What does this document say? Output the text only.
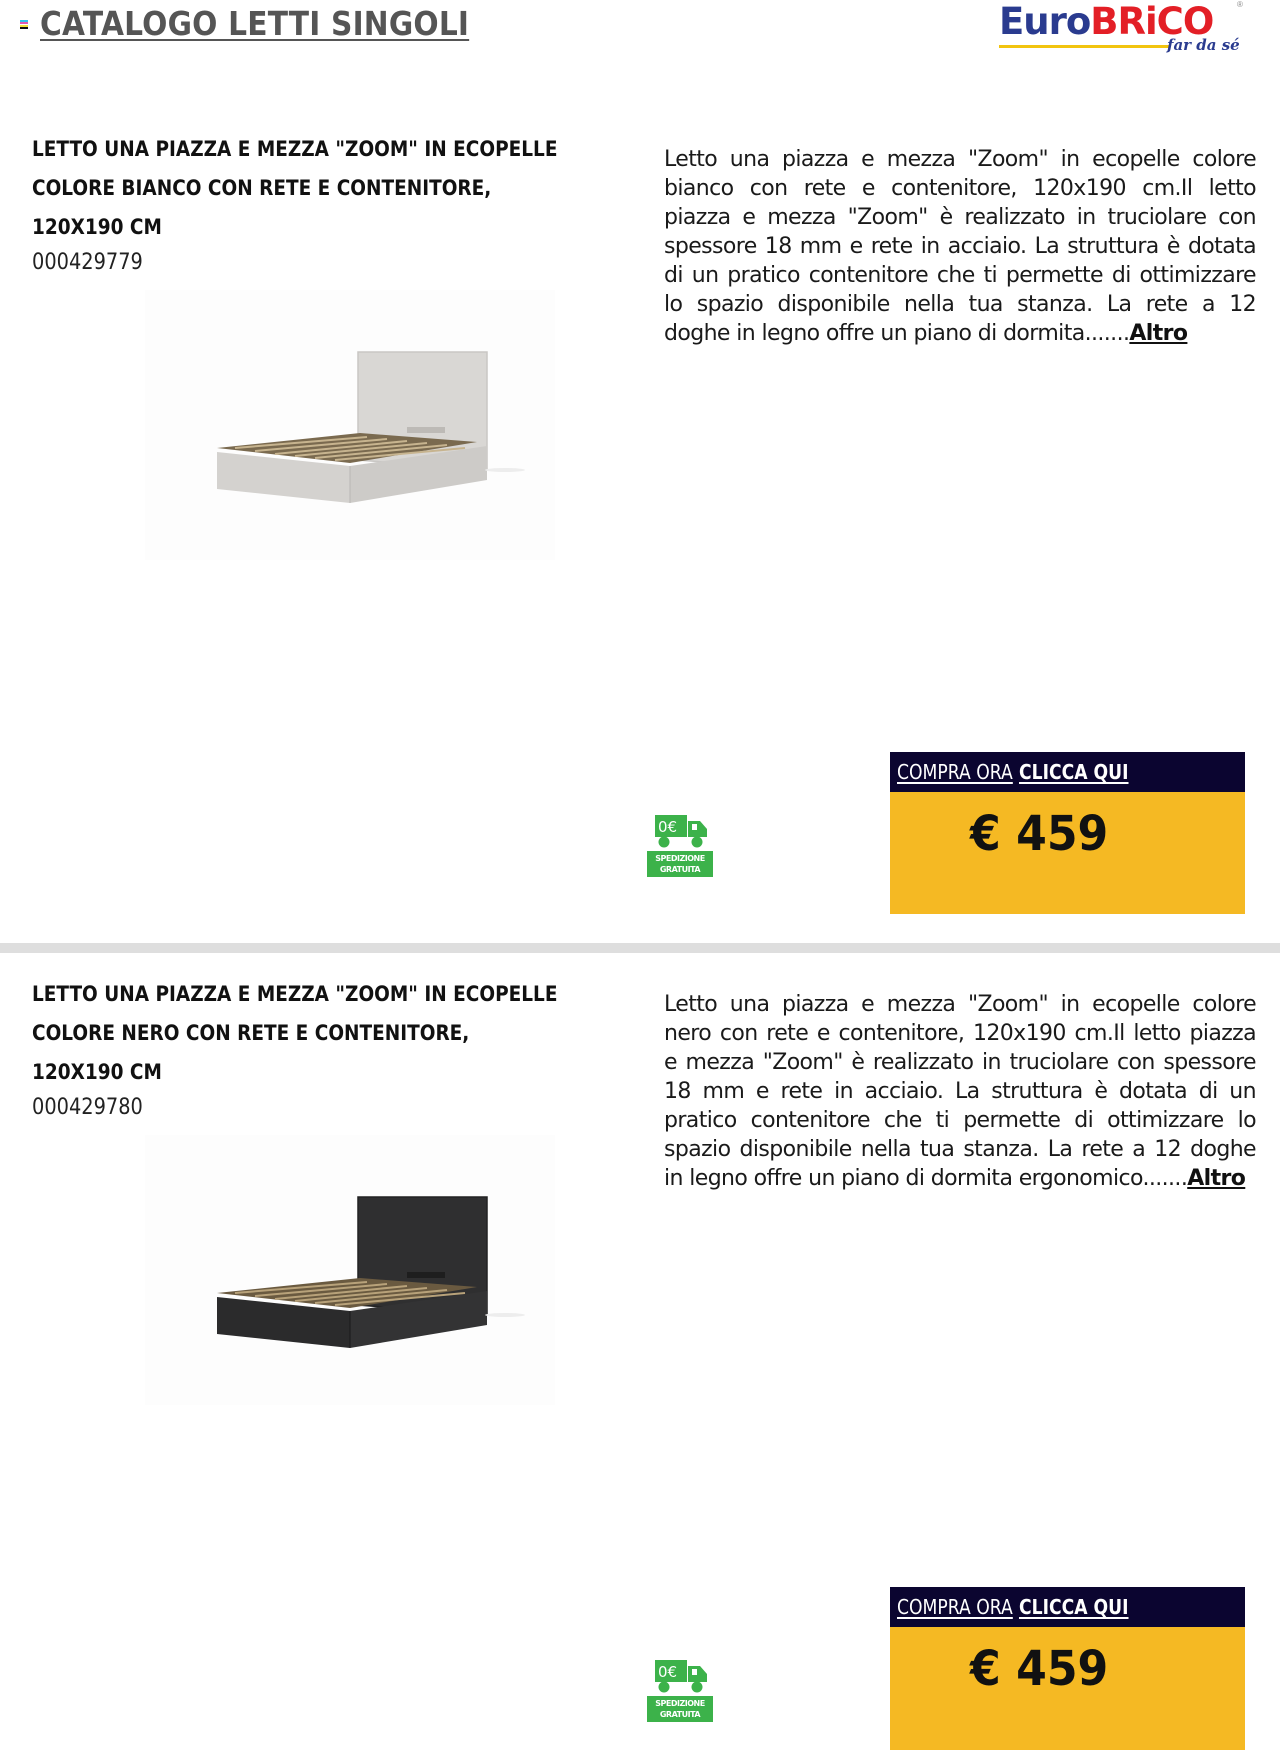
CATALOGO LETTI SINGOLI	EuroBRiCO	®
far da sé
LETTO UNA PIAZZA E MEZZA "ZOOM" IN ECOPELLE
COLORE BIANCO CON RETE E CONTENITORE,
120X190 CM
000429779
Letto una piazza e mezza "Zoom" in ecopelle colore bianco con rete e contenitore, 120x190 cm.Il letto piazza e mezza "Zoom" è realizzato in truciolare con spessore 18 mm e rete in acciaio. La struttura è dotata di un pratico contenitore che ti permette di ottimizzare lo spazio disponibile nella tua stanza. La rete a 12 doghe in legno offre un piano di dormita.......Altro
0€
SPEDIZIONE
GRATUITA
COMPRA ORA CLICCA QUI
€ 459
LETTO UNA PIAZZA E MEZZA "ZOOM" IN ECOPELLE
COLORE NERO CON RETE E CONTENITORE,
120X190 CM
000429780
Letto una piazza e mezza "Zoom" in ecopelle colore nero con rete e contenitore, 120x190 cm.Il letto piazza e mezza "Zoom" è realizzato in truciolare con spessore 18 mm e rete in acciaio. La struttura è dotata di un pratico contenitore che ti permette di ottimizzare lo spazio disponibile nella tua stanza. La rete a 12 doghe in legno offre un piano di dormita ergonomico.......Altro
0€
SPEDIZIONE
GRATUITA
COMPRA ORA CLICCA QUI
€ 459
